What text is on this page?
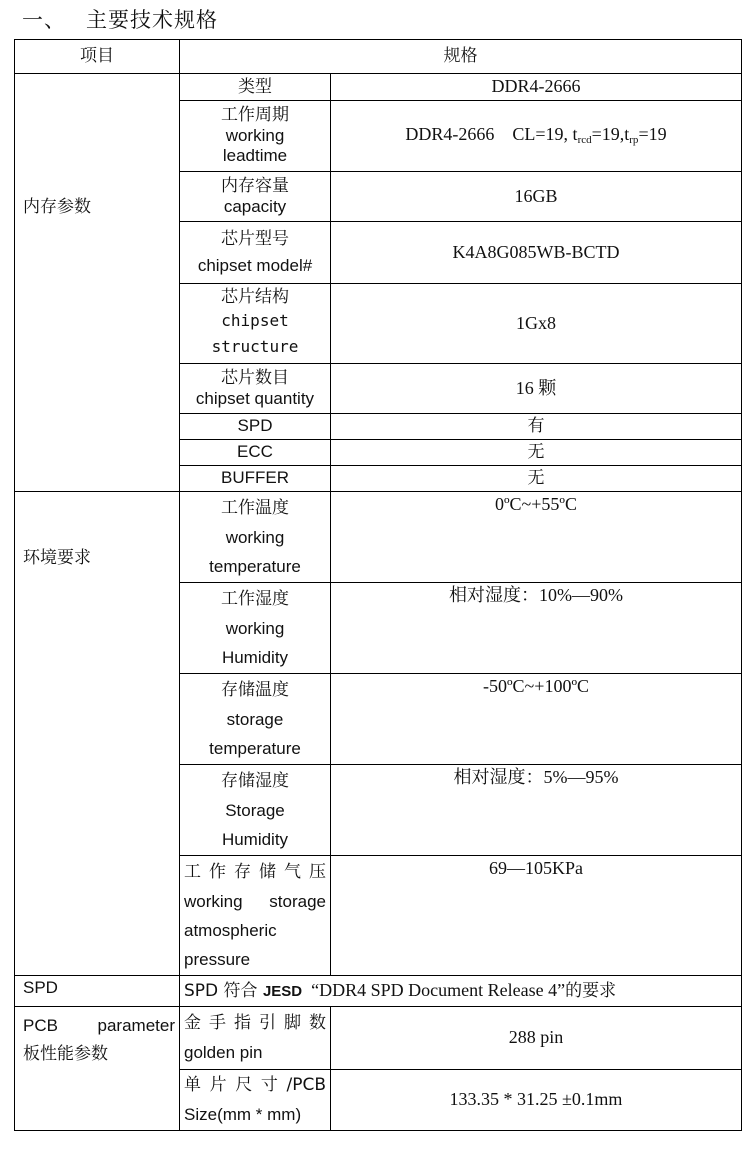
一、 主要技术规格
项目	规格	
内存参数	类型	DDR4-2666

	工作周期
working
leadtime	DDR4-2666    CL=19, $t_{rcd}=19,t_{rp}=19$

	内存容量
capacity	16GB

	芯片型号
chipset model#	K4A8G085WB-BCTD

	芯片结构
chipset
structure	1Gx8

	芯片数目
chipset quantity	16 颗

	SPD	有

	ECC	无

	BUFFER	无
环境要求	工作温度
working
temperature	0ºC~+55ºC

	工作湿度
working
Humidity	相对湿度：10%—90%

	存储温度
storage
temperature	-50ºC~+100ºC

	存储湿度
Storage
Humidity	相对湿度：5%—95%

	工作存储气压
working storage
atmospheric
pressure	69—105KPa
SPD	SPD 符合 JESD  “DDR4 SPD Document Release 4”的要求	

PCB    parameter
板性能参数	金手指引脚数
golden pin	288 pin

	单片尺寸/PCB
Size(mm * mm)	133.35 * 31.25 ±0.1mm
